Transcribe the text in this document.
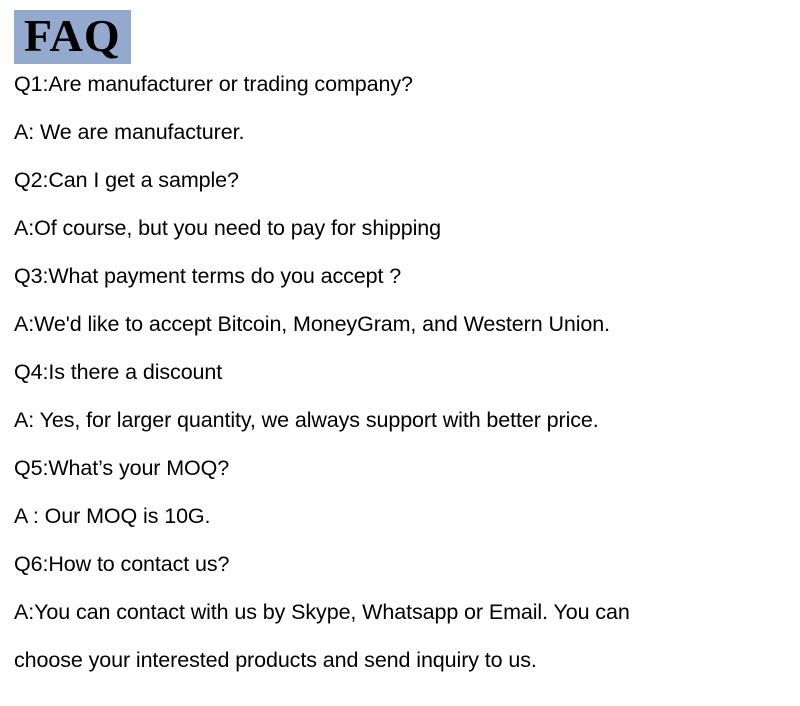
FAQ

Q1:Are manufacturer or trading company?

A: We are manufacturer.

Q2:Can I get a sample?

A:Of course, but you need to pay for shipping

Q3:What payment terms do you accept ?

A:We'd like to accept Bitcoin, MoneyGram, and Western Union.

Q4:Is there a discount

A: Yes, for larger quantity, we always support with better price.

Q5:What’s your MOQ?

A : Our MOQ is 10G.

Q6:How to contact us?

A:You can contact with us by Skype, Whatsapp or Email. You can

choose your interested products and send inquiry to us.
